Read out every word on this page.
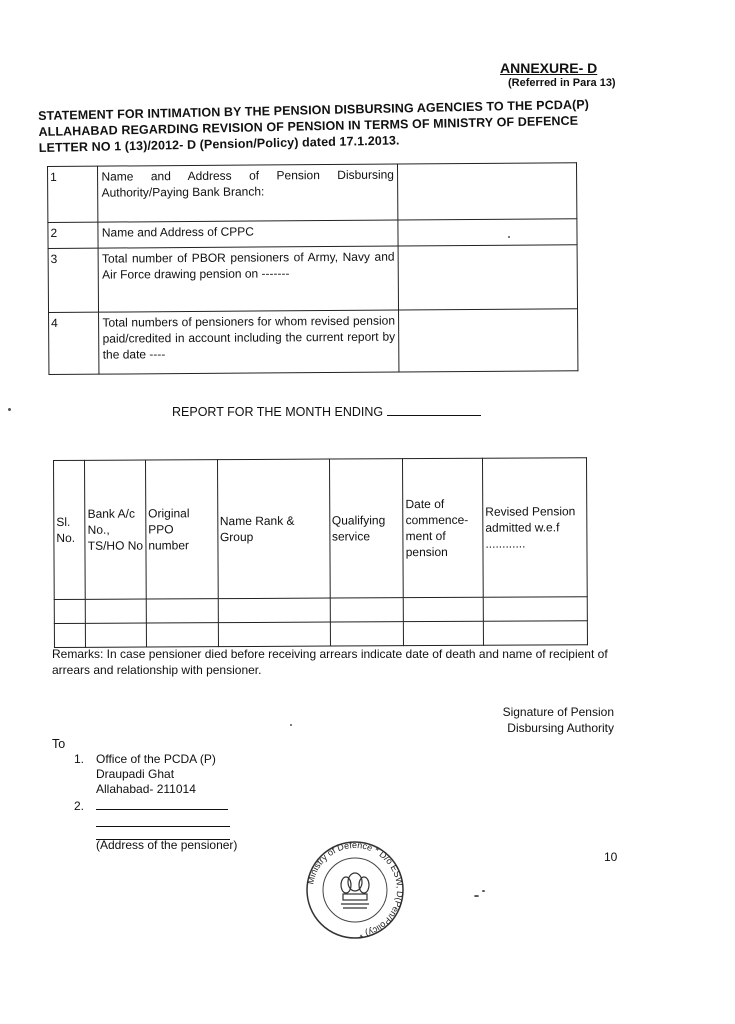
ANNEXURE- D
(Referred in Para 13)
STATEMENT FOR INTIMATION BY THE PENSION DISBURSING AGENCIES TO THE PCDA(P) ALLAHABAD REGARDING REVISION OF PENSION IN TERMS OF MINISTRY OF DEFENCE LETTER NO 1 (13)/2012- D (Pension/Policy) dated 17.1.2013.
1	Name and Address of Pension Disbursing Authority/Paying Bank Branch:	
2	Name and Address of CPPC	
3	Total number of PBOR pensioners of Army, Navy and Air Force drawing pension on -------	
4	Total numbers of pensioners for whom revised pension paid/credited in account including the current report by the date ----	
REPORT FOR THE MONTH ENDING
Sl. No.	Bank A/c No., TS/HO No	Original PPO number	Name Rank & Group	Qualifying service	Date of commence-ment of pension	Revised Pension admitted w.e.f ............

Remarks: In case pensioner died before receiving arrears indicate date of death and name of recipient of arrears and relationship with pensioner.
Signature of Pension
Disbursing Authority
To
1. Office of the PCDA (P)
Draupadi Ghat
Allahabad- 211014
2.
(Address of the pensioner)
10
Ministry of Defence * D/o ESW, D(Pen/Policy) *
